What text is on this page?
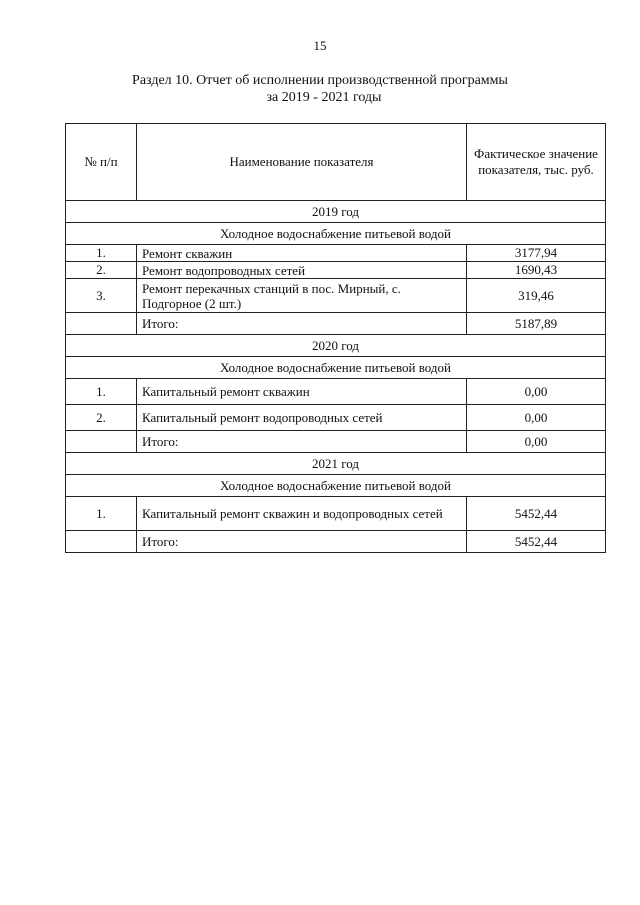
15
Раздел 10. Отчет об исполнении производственной программы
за 2019 - 2021 годы
№ п/п	Наименование показателя	Фактическое значение показателя, тыс. руб.
2019 год		
Холодное водоснабжение питьевой водой		
1.	Ремонт скважин	3177,94
2.	Ремонт водопроводных сетей	1690,43
3.	Ремонт перекачных станций в пос. Мирный, с. Подгорное (2 шт.)	319,46
	Итого:	5187,89
2020 год		
Холодное водоснабжение питьевой водой		
1.	Капитальный ремонт скважин	0,00
2.	Капитальный ремонт водопроводных сетей	0,00
	Итого:	0,00
2021 год		
Холодное водоснабжение питьевой водой		
1.	Капитальный ремонт скважин и водопроводных сетей	5452,44
	Итого:	5452,44
